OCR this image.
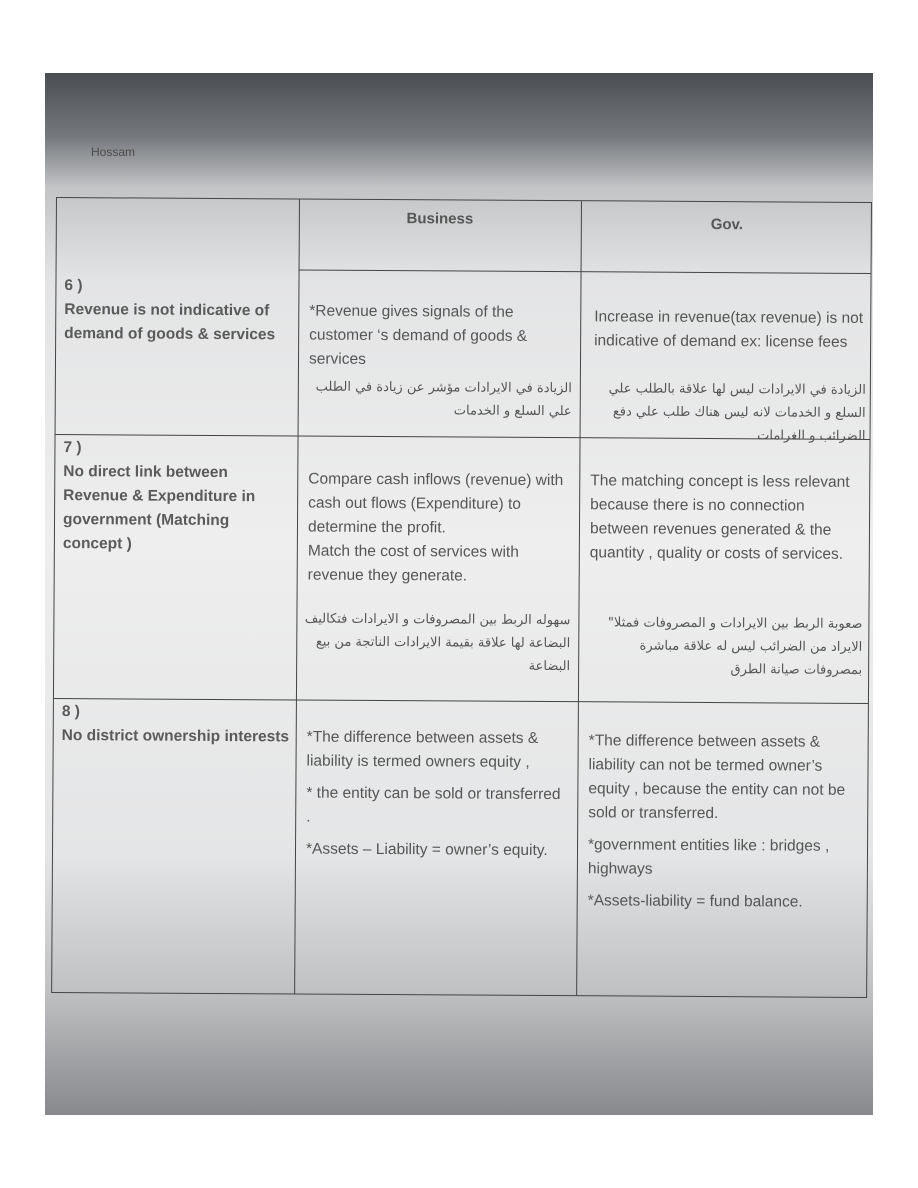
Hossam
Business	Gov.
6 )
Revenue is not indicative of demand of goods & services
*Revenue gives signals of the customer ‘s demand of goods & services
الزيادة في الايرادات مؤشر عن زيادة في الطلب علي السلع و الخدمات
Increase in revenue(tax revenue) is not indicative of demand ex: license fees
الزيادة في الايرادات ليس لها علاقة بالطلب علي السلع و الخدمات لانه ليس هناك طلب علي دفع الضرائب و الغرامات
7 )
No direct link between Revenue & Expenditure in government (Matching concept )
Compare cash inflows (revenue) with cash out flows (Expenditure) to determine the profit.
Match the cost of services with revenue they generate.
سهوله الربط بين المصروفات و الايرادات فتكاليف البضاعة لها علاقة بقيمة الايرادات الناتجة من بيع البضاعة
The matching concept is less relevant because there is no connection between revenues generated & the quantity , quality or costs of services.
صعوبة الربط بين الايرادات و المصروفات فمثلا" الايراد من الضرائب ليس له علاقة مباشرة بمصروفات صيانة الطرق
8 )
No district ownership interests *The difference between assets & liability is termed owners equity ,
* the entity can be sold or transferred .
*Assets – Liability = owner’s equity.
*The difference between assets & liability can not be termed owner’s equity , because the entity can not be sold or transferred.
*government entities like : bridges , highways
*Assets-liability = fund balance.
